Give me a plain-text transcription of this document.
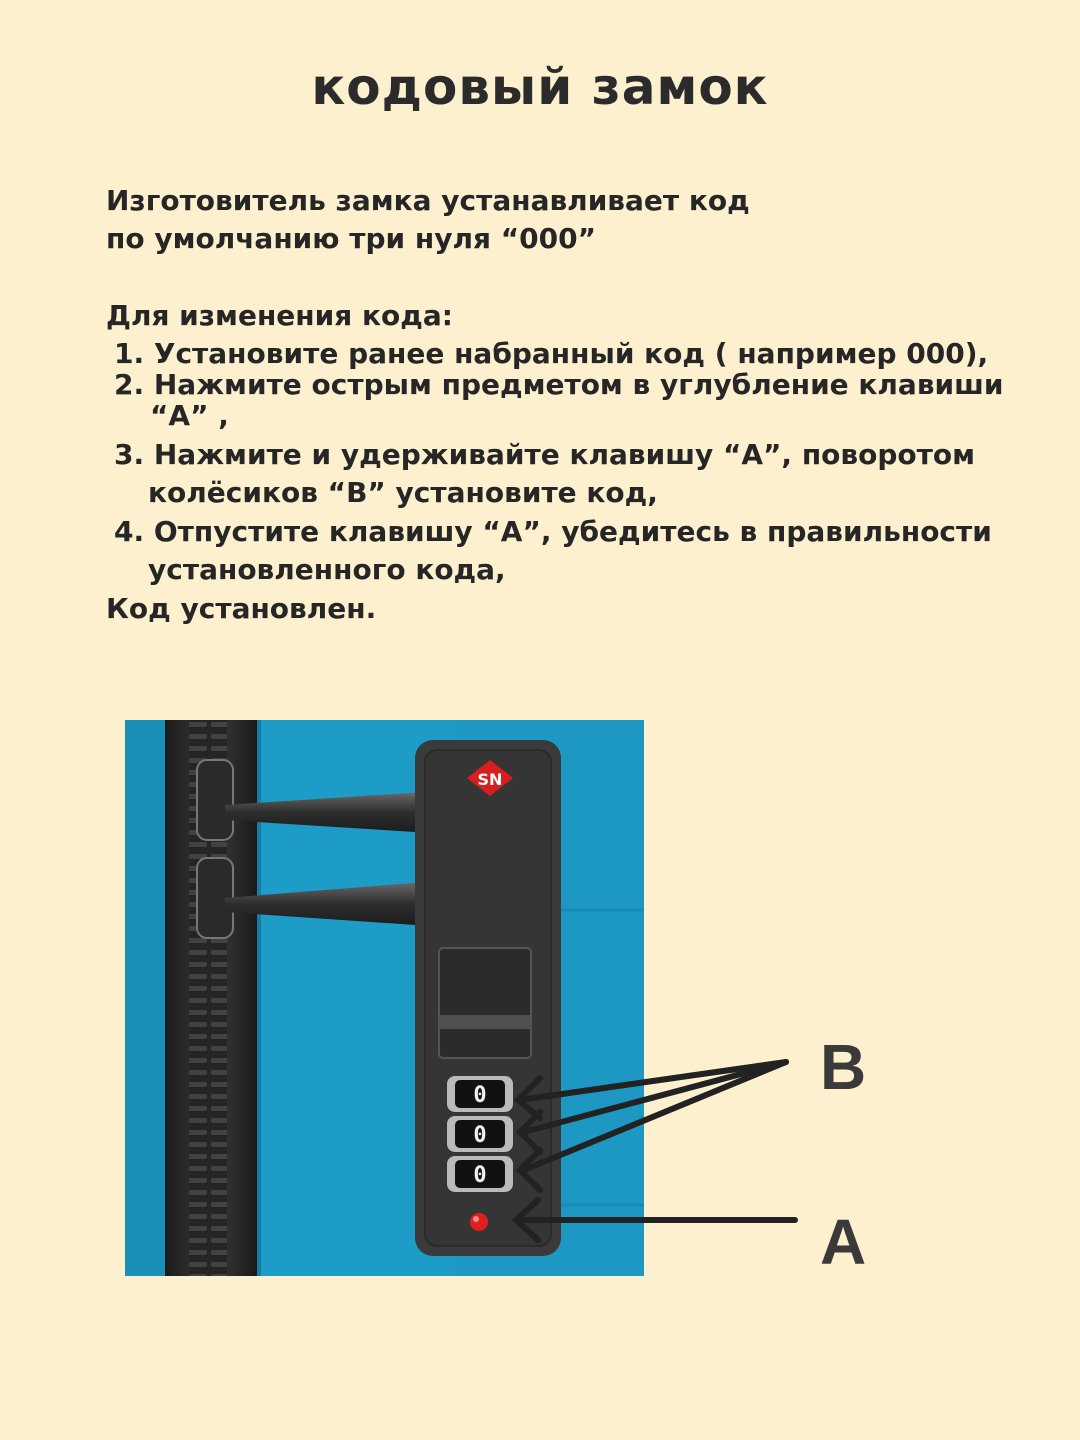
кодовый замок
Изготовитель замка устанавливает код
по умолчанию три нуля “000”
Для изменения кода:
1. Установите ранее набранный код ( например 000),
2. Нажмите острым предметом в углубление клавиши
“А” ,
3. Нажмите и удерживайте клавишу “А”, поворотом
колёсиков “В” установите код,
4. Отпустите клавишу “А”, убедитесь в правильности
установленного кода,
Код установлен.
SN
0
0
0
B
A
